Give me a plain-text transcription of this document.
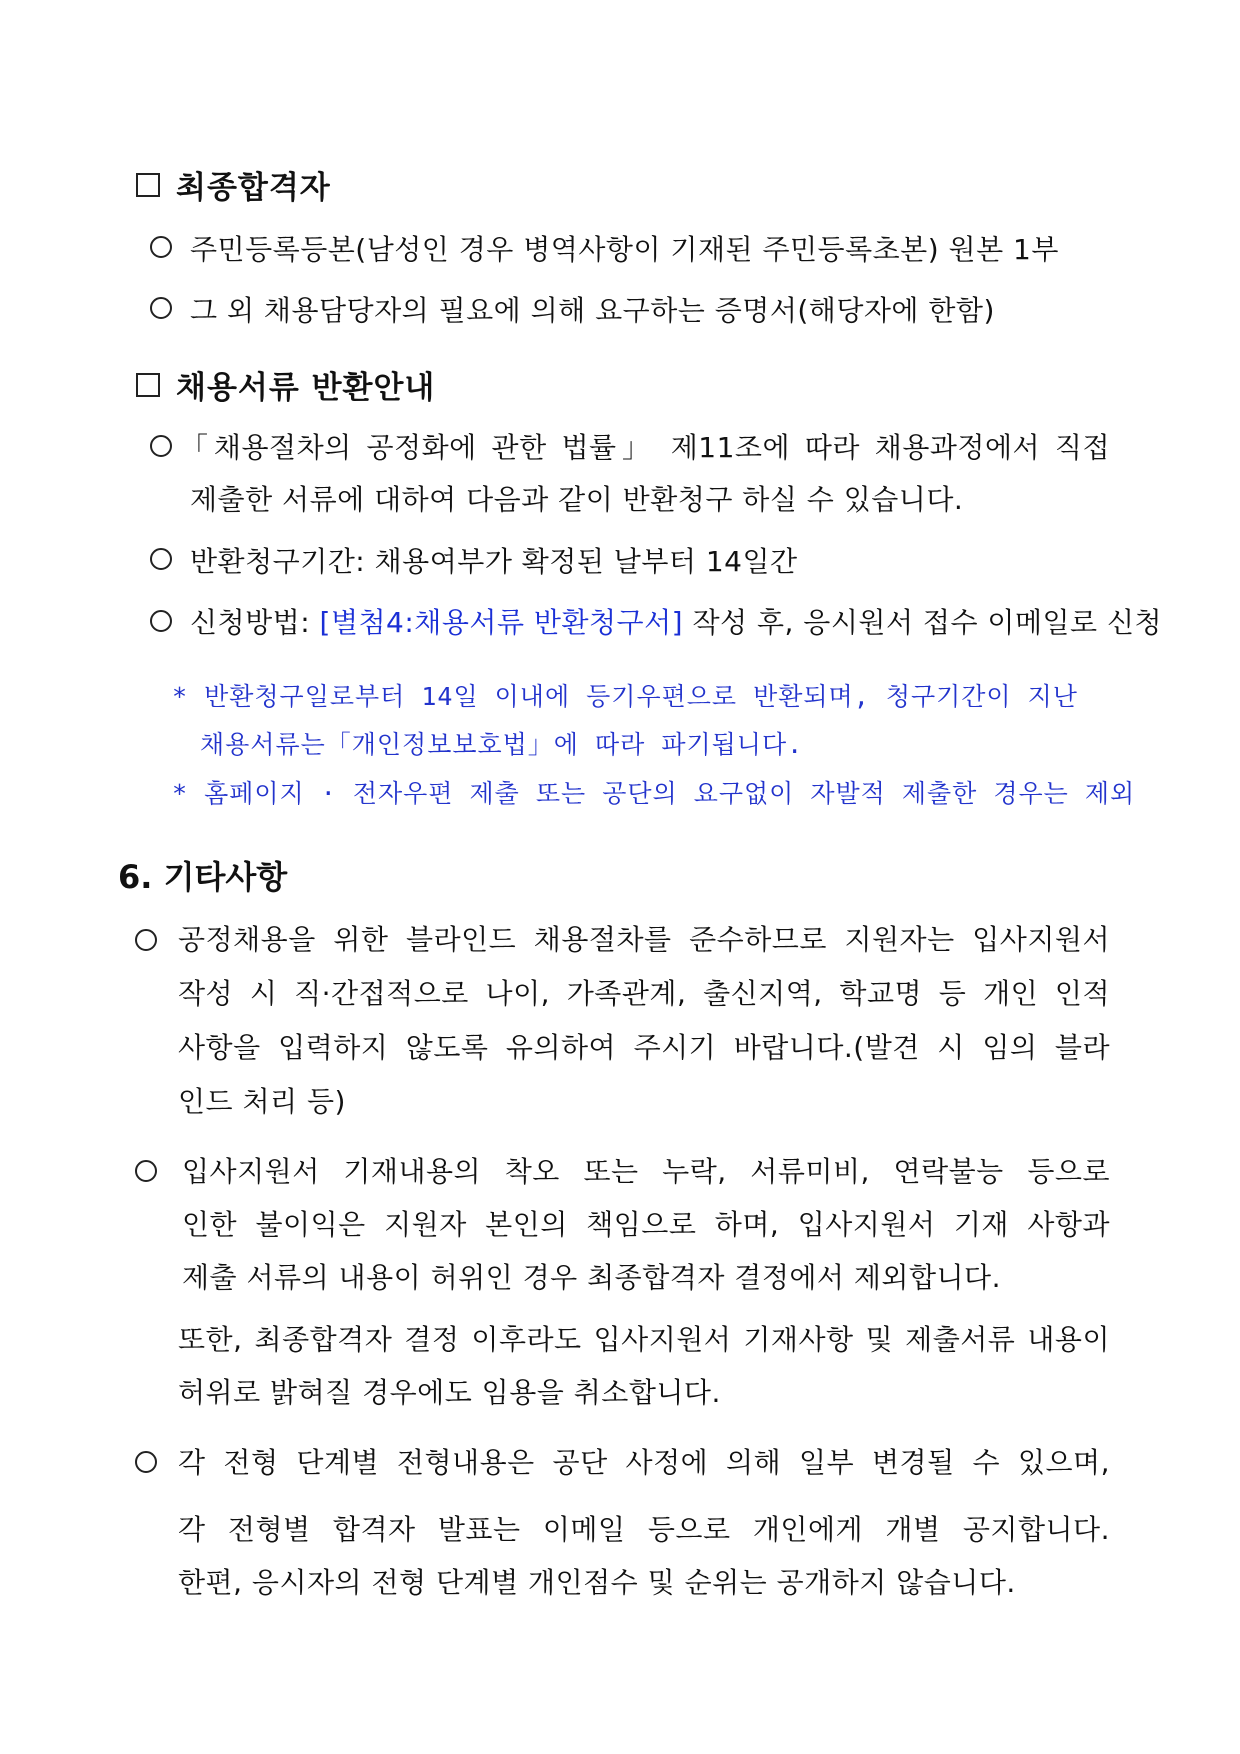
최종합격자
주민등록등본(남성인 경우 병역사항이 기재된 주민등록초본) 원본 1부
그 외 채용담당자의 필요에 의해 요구하는 증명서(해당자에 한함)
채용서류 반환안내
「채용절차의 공정화에 관한 법률」 제11조에 따라 채용과정에서 직접
제출한 서류에 대하여 다음과 같이 반환청구 하실 수 있습니다.
반환청구기간: 채용여부가 확정된 날부터 14일간
신청방법: [별첨4:채용서류 반환청구서] 작성 후, 응시원서 접수 이메일로 신청
* 반환청구일로부터 14일 이내에 등기우편으로 반환되며, 청구기간이 지난
채용서류는「개인정보보호법」에 따라 파기됩니다.
* 홈페이지 · 전자우편 제출 또는 공단의 요구없이 자발적 제출한 경우는 제외
6. 기타사항
공정채용을 위한 블라인드 채용절차를 준수하므로 지원자는 입사지원서
작성 시 직·간접적으로 나이, 가족관계, 출신지역, 학교명 등 개인 인적
사항을 입력하지 않도록 유의하여 주시기 바랍니다.(발견 시 임의 블라
인드 처리 등)
입사지원서 기재내용의 착오 또는 누락, 서류미비, 연락불능 등으로
인한 불이익은 지원자 본인의 책임으로 하며, 입사지원서 기재 사항과
제출 서류의 내용이 허위인 경우 최종합격자 결정에서 제외합니다.
또한, 최종합격자 결정 이후라도 입사지원서 기재사항 및 제출서류 내용이
허위로 밝혀질 경우에도 임용을 취소합니다.
각 전형 단계별 전형내용은 공단 사정에 의해 일부 변경될 수 있으며,
각 전형별 합격자 발표는 이메일 등으로 개인에게 개별 공지합니다.
한편, 응시자의 전형 단계별 개인점수 및 순위는 공개하지 않습니다.
